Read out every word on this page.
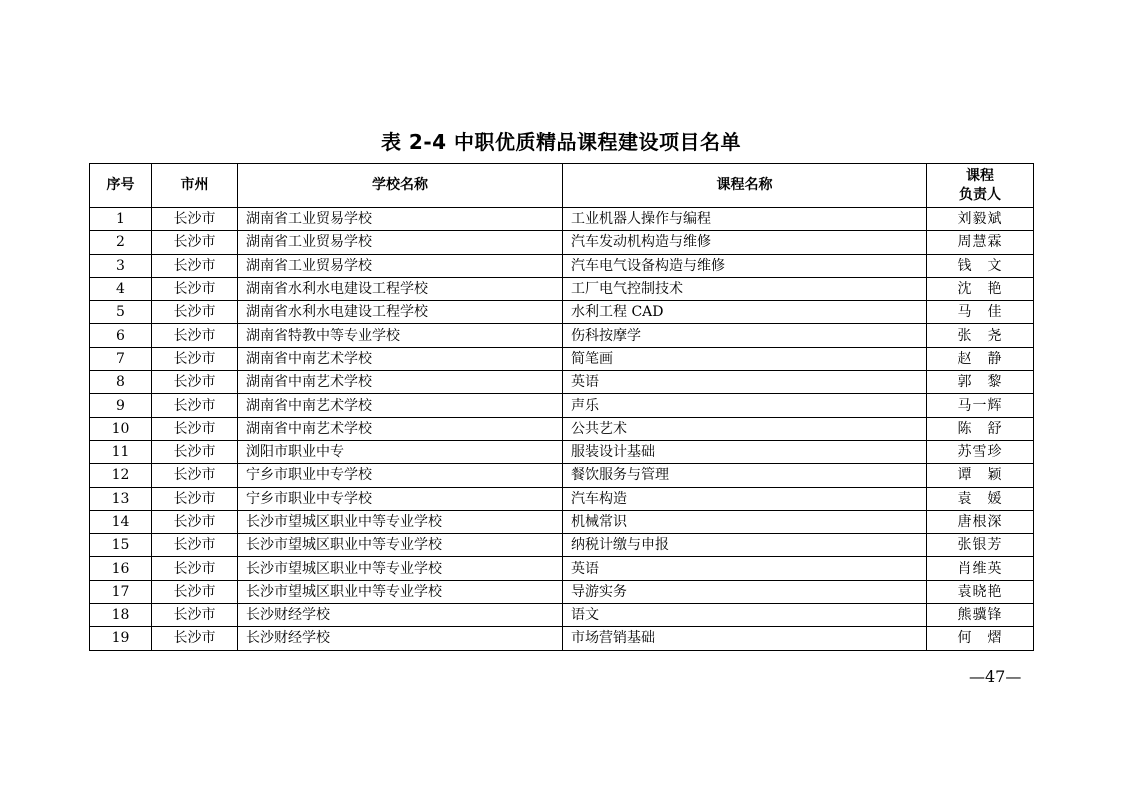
表 2-4 中职优质精品课程建设项目名单
序号	市州	学校名称	课程名称	课程
负责人
1	长沙市	湖南省工业贸易学校	工业机器人操作与编程	刘毅斌
2	长沙市	湖南省工业贸易学校	汽车发动机构造与维修	周慧霖
3	长沙市	湖南省工业贸易学校	汽车电气设备构造与维修	钱　文
4	长沙市	湖南省水利水电建设工程学校	工厂电气控制技术	沈　艳
5	长沙市	湖南省水利水电建设工程学校	水利工程 CAD	马　佳
6	长沙市	湖南省特教中等专业学校	伤科按摩学	张　尧
7	长沙市	湖南省中南艺术学校	简笔画	赵　静
8	长沙市	湖南省中南艺术学校	英语	郭　黎
9	长沙市	湖南省中南艺术学校	声乐	马一辉
10	长沙市	湖南省中南艺术学校	公共艺术	陈　舒
11	长沙市	浏阳市职业中专	服装设计基础	苏雪珍
12	长沙市	宁乡市职业中专学校	餐饮服务与管理	谭　颖
13	长沙市	宁乡市职业中专学校	汽车构造	袁　媛
14	长沙市	长沙市望城区职业中等专业学校	机械常识	唐根深
15	长沙市	长沙市望城区职业中等专业学校	纳税计缴与申报	张银芳
16	长沙市	长沙市望城区职业中等专业学校	英语	肖维英
17	长沙市	长沙市望城区职业中等专业学校	导游实务	袁晓艳
18	长沙市	长沙财经学校	语文	熊骥锋
19	长沙市	长沙财经学校	市场营销基础	何　熠
—47—
